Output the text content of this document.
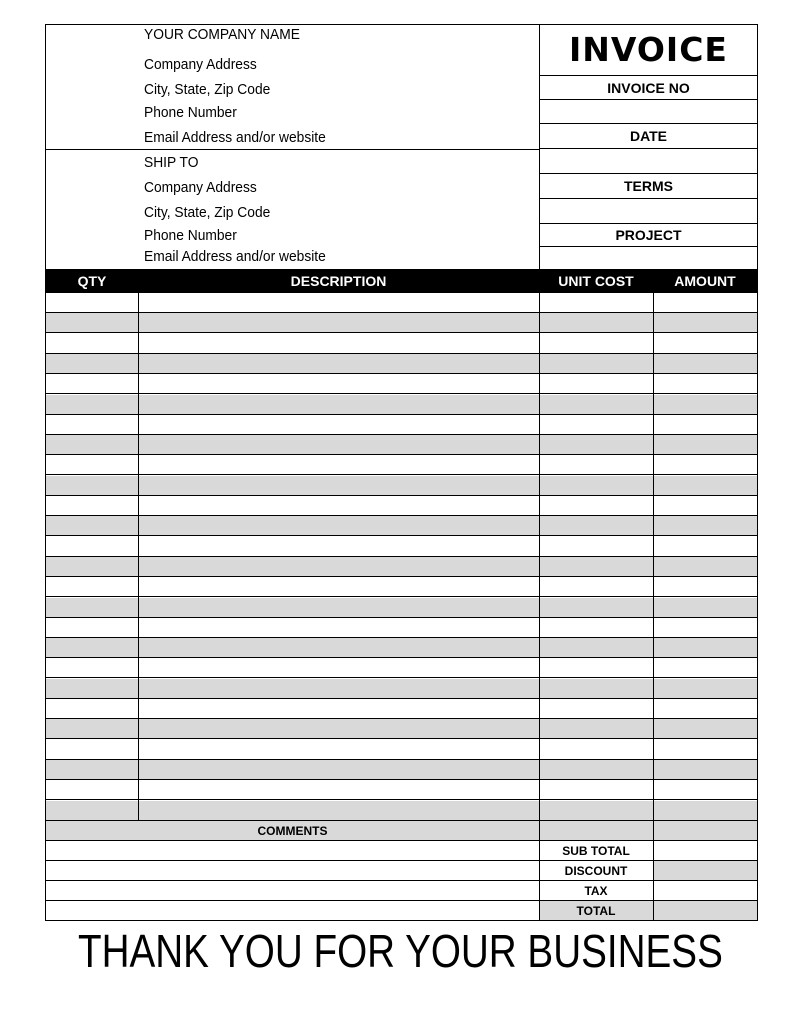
YOUR COMPANY NAME
Company Address
City, State, Zip Code
Phone Number
Email Address and/or website
SHIP TO
Company Address
City, State, Zip Code
Phone Number
Email Address and/or website
INVOICE
INVOICE NO
DATE
TERMS
PROJECT
QTY	DESCRIPTION	UNIT COST	AMOUNT
COMMENTS
SUB TOTAL
DISCOUNT
TAX
TOTAL
THANK YOU FOR YOUR BUSINESS
